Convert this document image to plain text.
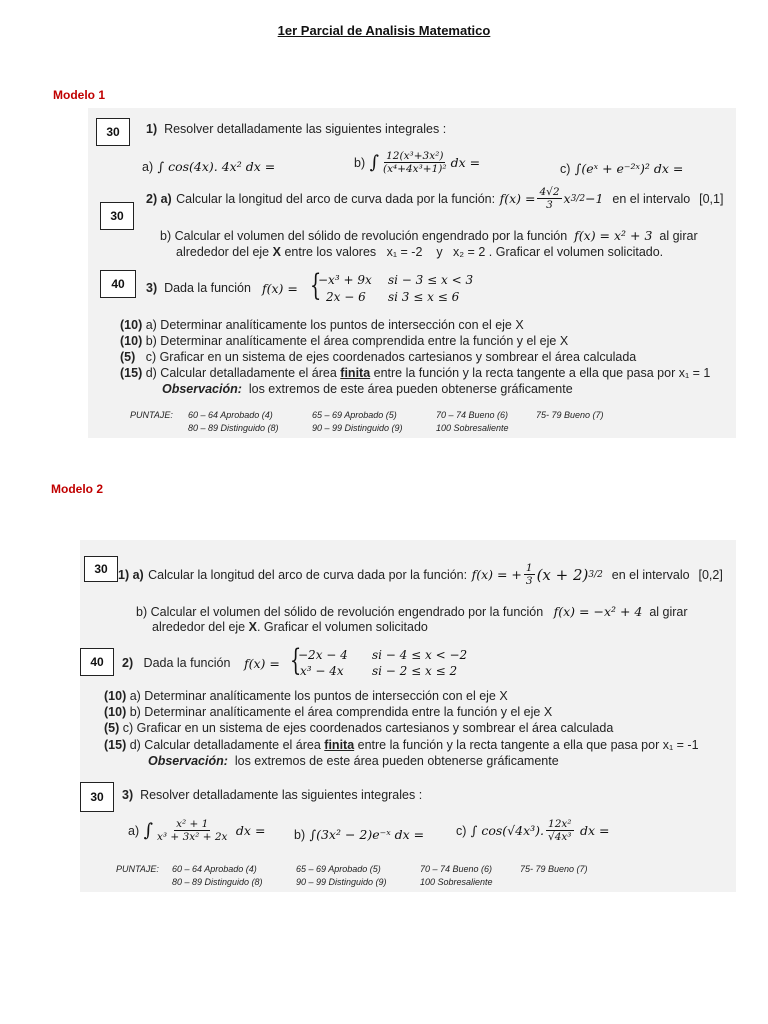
1er Parcial de Analisis Matematico
Modelo 1
30	1) Resolver detalladamente las siguientes integrales :
a) ∫ cos(4x). 4x² dx =	b)
∫ $\frac{\text{12(x³+3x²)}}{\text{(x⁴+4x³+1)²}}$ dx =	c) ∫(eˣ + e⁻²ˣ)² dx =
30
2) a)
Calcular la longitud del arco de curva dada por la función:
$f(x) = \frac{4√2}{3}$ x 3/2 −1
en el intervalo
[0,1]
b) Calcular el volumen del sólido de revolución engendrado por la función f(x) = x² + 3 al girar
alrededor del eje X entre los valores x₁ = -2 y x₂ = 2 . Graficar el volumen solicitado.
40	3) Dada la función f(x) = {
−x³ + 9x si − 3 ≤ x < 3
2x − 6 si 3 ≤ x ≤ 6
(10) a) Determinar analíticamente los puntos de intersección con el eje X
(10) b) Determinar analíticamente el área comprendida entre la función y el eje X
(5) c) Graficar en un sistema de ejes coordenados cartesianos y sombrear el área calculada
(15) d) Calcular detalladamente el área finita entre la función y la recta tangente a ella que pasa por x₁ = 1
Observación: los extremos de este área pueden obtenerse gráficamente
PUNTAJE: 60 – 64 Aprobado (4)	65 – 69 Aprobado (5)	70 – 74 Bueno (6)	75- 79 Bueno (7)
80 – 89 Distinguido (8)	90 – 99 Distinguido (9)	100 Sobresaliente
Modelo 2
30 1) a)
Calcular la longitud del arco de curva dada por la función:
f(x) = + $\frac{1}{3} (x + 2)$ 3/2
en el intervalo
[0,2]
b) Calcular el volumen del sólido de revolución engendrado por la función f(x) = −x² + 4 al girar
alrededor del eje X. Graficar el volumen solicitado
40	2) Dada la función f(x) = {
−2x − 4 si − 4 ≤ x < −2
x³ − 4x si − 2 ≤ x ≤ 2
(10) a) Determinar analíticamente los puntos de intersección con el eje X
(10) b) Determinar analíticamente el área comprendida entre la función y el eje X
(5) c) Graficar en un sistema de ejes coordenados cartesianos y sombrear el área calculada
(15) d) Calcular detalladamente el área finita entre la función y la recta tangente a ella que pasa por x₁ = -1
Observación: los extremos de este área pueden obtenerse gráficamente
30	3) Resolver detalladamente las siguientes integrales :
a)
∫ $\frac{\text{x² + 1}}{\text{x³ + 3x² + 2x}}$
dx = b) ∫(3x² − 2)e⁻ˣ dx =	c)
∫ cos(√4x³). $\frac{\text{12x²}}{\text{√4x³}}$
dx =
PUNTAJE: 60 – 64 Aprobado (4)	65 – 69 Aprobado (5)	70 – 74 Bueno (6)	75- 79 Bueno (7)
80 – 89 Distinguido (8)	90 – 99 Distinguido (9)	100 Sobresaliente
